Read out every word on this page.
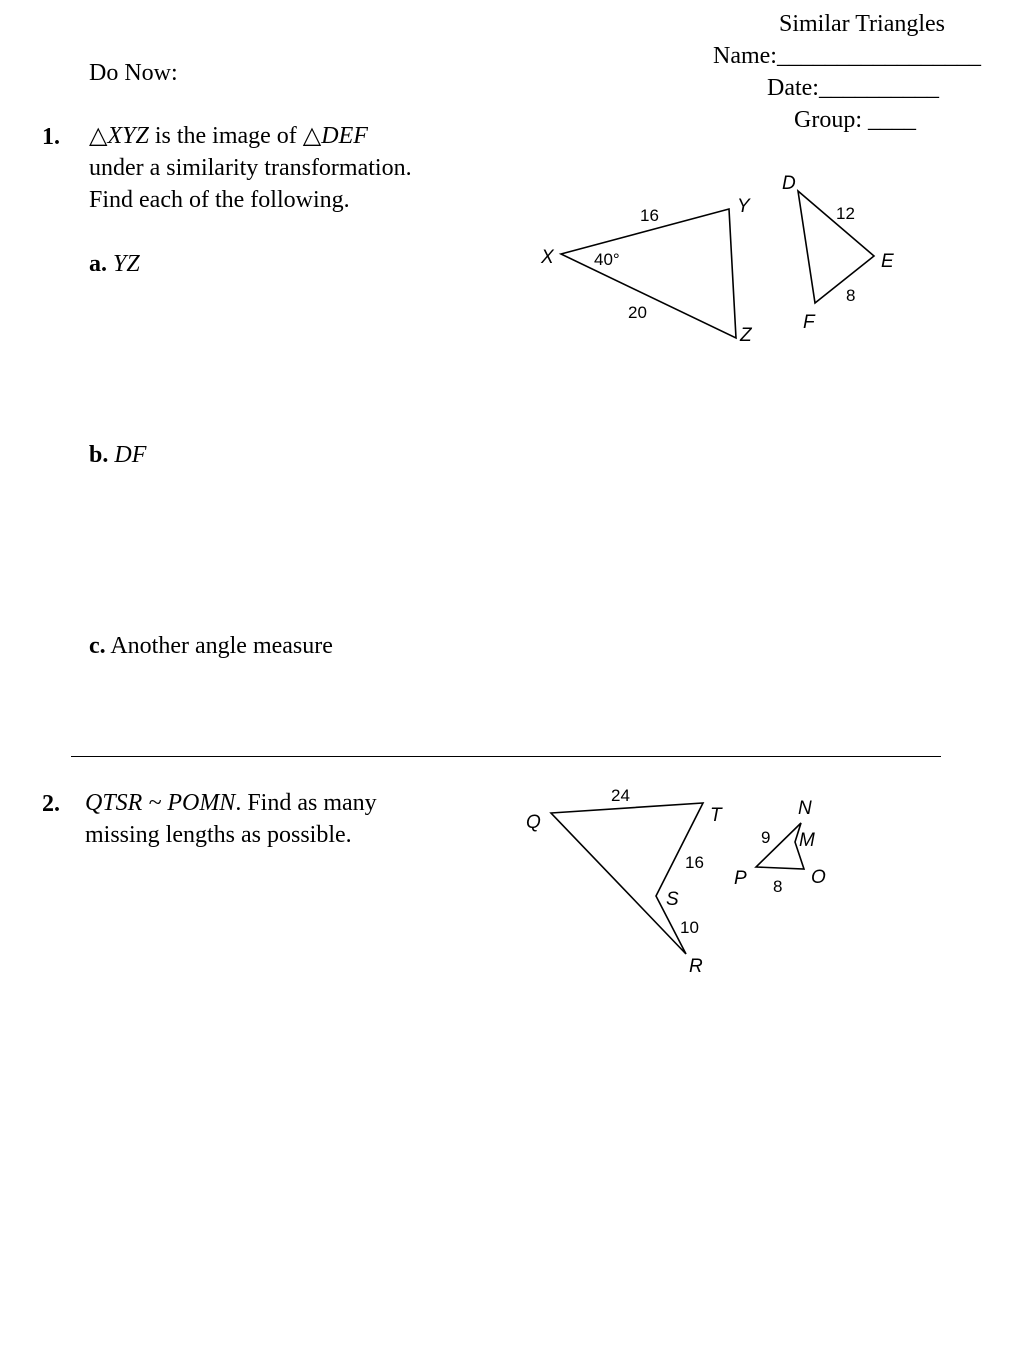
Similar Triangles
Name:_________________
Date:__________
Group: ____
Do Now:
1. △XYZ is the image of △DEF
under a similarity transformation.
Find each of the following.
a. YZ
b. DF
c. Another angle measure
X
Y
Z
D
E
F
16
20
12
8
40°
2. QTSR ~ POMN. Find as many
missing lengths as possible.	Q	T
S
R
P	O
M
N
24
16
10
9
8
